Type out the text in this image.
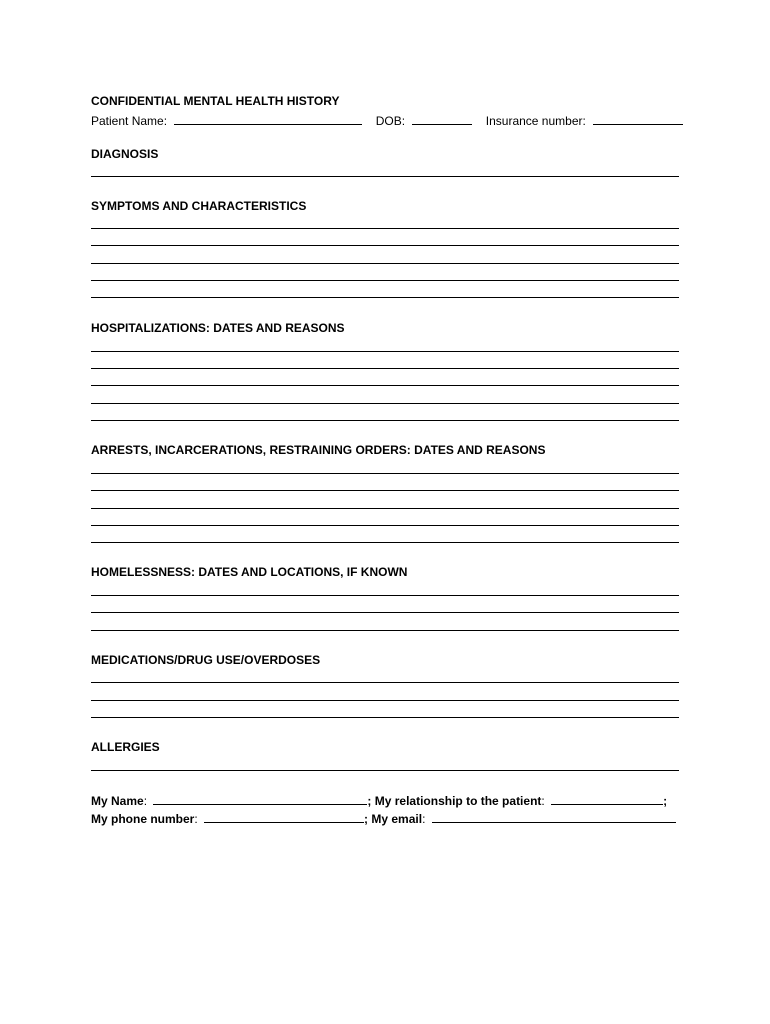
CONFIDENTIAL MENTAL HEALTH HISTORY
Patient Name:	DOB:	Insurance number:
DIAGNOSIS
SYMPTOMS AND CHARACTERISTICS
HOSPITALIZATIONS: DATES AND REASONS
ARRESTS, INCARCERATIONS, RESTRAINING ORDERS: DATES AND REASONS
HOMELESSNESS: DATES AND LOCATIONS, IF KNOWN
MEDICATIONS/DRUG USE/OVERDOSES
ALLERGIES
My Name:	; My relationship to the patient:	;
My phone number:	; My email:
